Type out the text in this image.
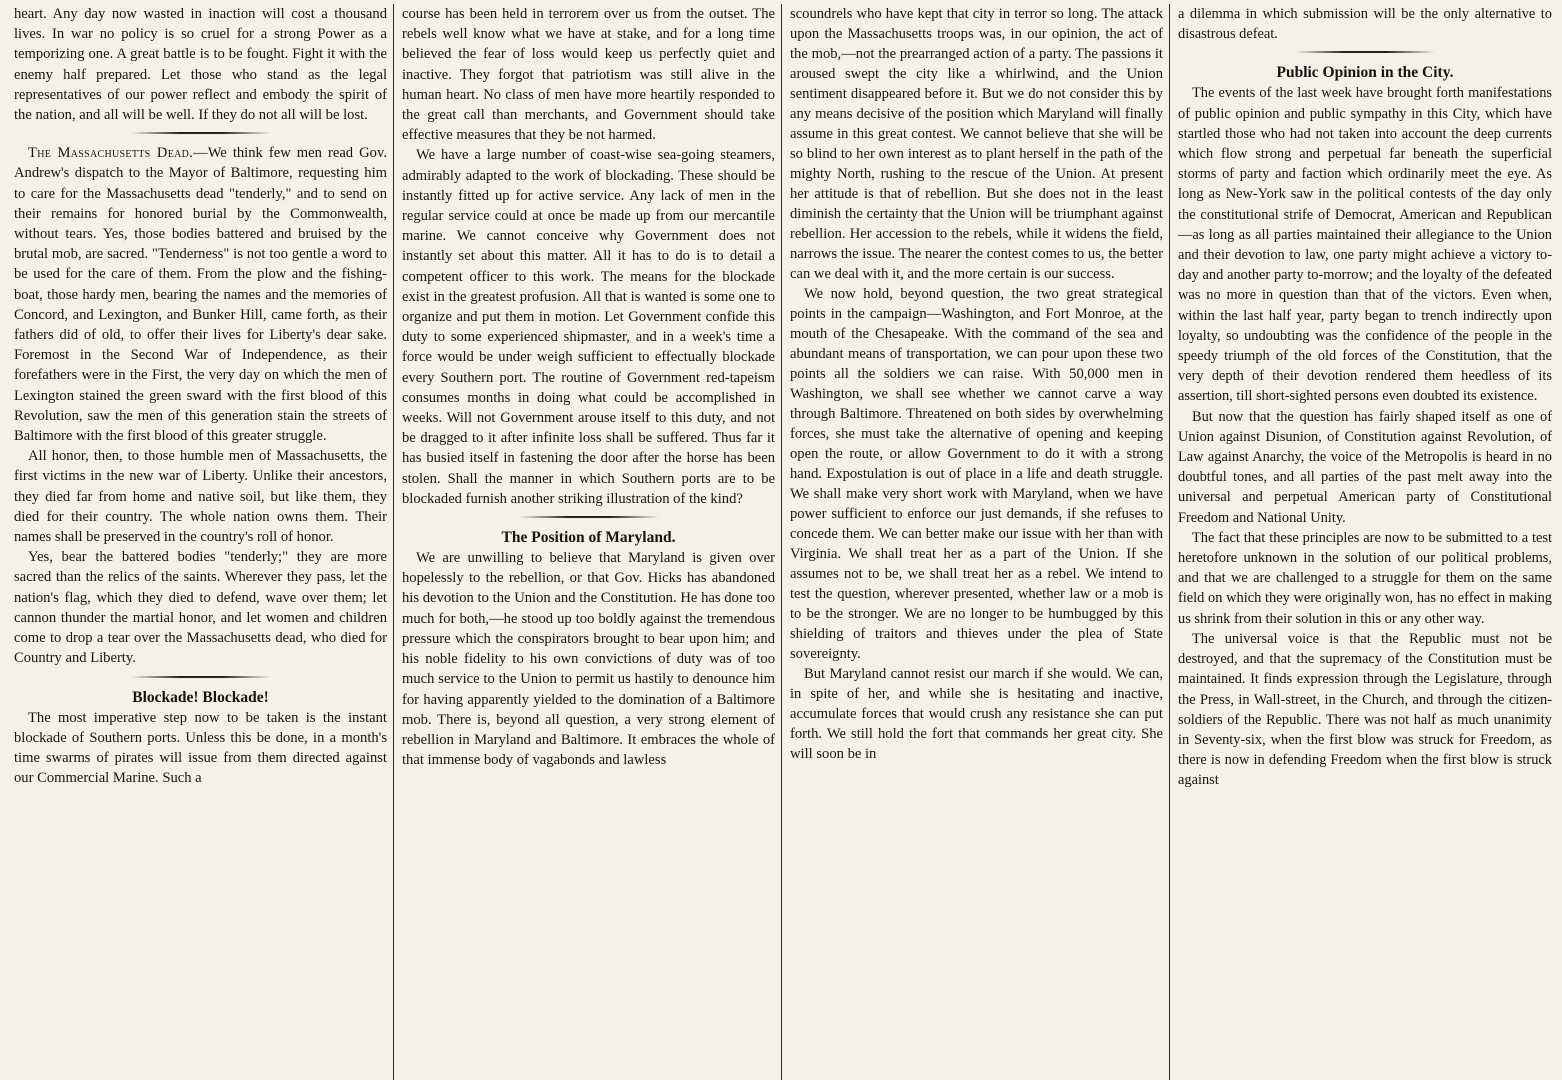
heart. Any day now wasted in inaction will cost a thousand lives. In war no policy is so cruel for a strong Power as a temporizing one. A great battle is to be fought. Fight it with the enemy half prepared. Let those who stand as the legal representatives of our power reflect and embody the spirit of the nation, and all will be well. If they do not all will be lost.

The Massachusetts Dead.—We think few men read Gov. Andrew's dispatch to the Mayor of Baltimore, requesting him to care for the Massachusetts dead "tenderly," and to send on their remains for honored burial by the Commonwealth, without tears. Yes, those bodies battered and bruised by the brutal mob, are sacred. "Tenderness" is not too gentle a word to be used for the care of them. From the plow and the fishing-boat, those hardy men, bearing the names and the memories of Concord, and Lexington, and Bunker Hill, came forth, as their fathers did of old, to offer their lives for Liberty's dear sake. Foremost in the Second War of Independence, as their forefathers were in the First, the very day on which the men of Lexington stained the green sward with the first blood of this Revolution, saw the men of this generation stain the streets of Baltimore with the first blood of this greater struggle.

All honor, then, to those humble men of Massachusetts, the first victims in the new war of Liberty. Unlike their ancestors, they died far from home and native soil, but like them, they died for their country. The whole nation owns them. Their names shall be preserved in the country's roll of honor.

Yes, bear the battered bodies "tenderly;" they are more sacred than the relics of the saints. Wherever they pass, let the nation's flag, which they died to defend, wave over them; let cannon thunder the martial honor, and let women and children come to drop a tear over the Massachusetts dead, who died for Country and Liberty.

Blockade! Blockade!

The most imperative step now to be taken is the instant blockade of Southern ports. Unless this be done, in a month's time swarms of pirates will issue from them directed against our Commercial Marine. Such a

course has been held in terrorem over us from the outset. The rebels well know what we have at stake, and for a long time believed the fear of loss would keep us perfectly quiet and inactive. They forgot that patriotism was still alive in the human heart. No class of men have more heartily responded to the great call than merchants, and Government should take effective measures that they be not harmed.

We have a large number of coast-wise sea-going steamers, admirably adapted to the work of blockading. These should be instantly fitted up for active service. Any lack of men in the regular service could at once be made up from our mercantile marine. We cannot conceive why Government does not instantly set about this matter. All it has to do is to detail a competent officer to this work. The means for the blockade exist in the greatest profusion. All that is wanted is some one to organize and put them in motion. Let Government confide this duty to some experienced shipmaster, and in a week's time a force would be under weigh sufficient to effectually blockade every Southern port. The routine of Government red-tapeism consumes months in doing what could be accomplished in weeks. Will not Government arouse itself to this duty, and not be dragged to it after infinite loss shall be suffered. Thus far it has busied itself in fastening the door after the horse has been stolen. Shall the manner in which Southern ports are to be blockaded furnish another striking illustration of the kind?

The Position of Maryland.

We are unwilling to believe that Maryland is given over hopelessly to the rebellion, or that Gov. Hicks has abandoned his devotion to the Union and the Constitution. He has done too much for both,—he stood up too boldly against the tremendous pressure which the conspirators brought to bear upon him; and his noble fidelity to his own convictions of duty was of too much service to the Union to permit us hastily to denounce him for having apparently yielded to the domination of a Baltimore mob. There is, beyond all question, a very strong element of rebellion in Maryland and Baltimore. It embraces the whole of that immense body of vagabonds and lawless

scoundrels who have kept that city in terror so long. The attack upon the Massachusetts troops was, in our opinion, the act of the mob,—not the prearranged action of a party. The passions it aroused swept the city like a whirlwind, and the Union sentiment disappeared before it. But we do not consider this by any means decisive of the position which Maryland will finally assume in this great contest. We cannot believe that she will be so blind to her own interest as to plant herself in the path of the mighty North, rushing to the rescue of the Union. At present her attitude is that of rebellion. But she does not in the least diminish the certainty that the Union will be triumphant against rebellion. Her accession to the rebels, while it widens the field, narrows the issue. The nearer the contest comes to us, the better can we deal with it, and the more certain is our success.

We now hold, beyond question, the two great strategical points in the campaign—Washington, and Fort Monroe, at the mouth of the Chesapeake. With the command of the sea and abundant means of transportation, we can pour upon these two points all the soldiers we can raise. With 50,000 men in Washington, we shall see whether we cannot carve a way through Baltimore. Threatened on both sides by overwhelming forces, she must take the alternative of opening and keeping open the route, or allow Government to do it with a strong hand. Expostulation is out of place in a life and death struggle. We shall make very short work with Maryland, when we have power sufficient to enforce our just demands, if she refuses to concede them. We can better make our issue with her than with Virginia. We shall treat her as a part of the Union. If she assumes not to be, we shall treat her as a rebel. We intend to test the question, wherever presented, whether law or a mob is to be the stronger. We are no longer to be humbugged by this shielding of traitors and thieves under the plea of State sovereignty.

But Maryland cannot resist our march if she would. We can, in spite of her, and while she is hesitating and inactive, accumulate forces that would crush any resistance she can put forth. We still hold the fort that commands her great city. She will soon be in

a dilemma in which submission will be the only alternative to disastrous defeat.

Public Opinion in the City.

The events of the last week have brought forth manifestations of public opinion and public sympathy in this City, which have startled those who had not taken into account the deep currents which flow strong and perpetual far beneath the superficial storms of party and faction which ordinarily meet the eye. As long as New-York saw in the political contests of the day only the constitutional strife of Democrat, American and Republican—as long as all parties maintained their allegiance to the Union and their devotion to law, one party might achieve a victory to-day and another party to-morrow; and the loyalty of the defeated was no more in question than that of the victors. Even when, within the last half year, party began to trench indirectly upon loyalty, so undoubting was the confidence of the people in the speedy triumph of the old forces of the Constitution, that the very depth of their devotion rendered them heedless of its assertion, till short-sighted persons even doubted its existence.

But now that the question has fairly shaped itself as one of Union against Disunion, of Constitution against Revolution, of Law against Anarchy, the voice of the Metropolis is heard in no doubtful tones, and all parties of the past melt away into the universal and perpetual American party of Constitutional Freedom and National Unity.

The fact that these principles are now to be submitted to a test heretofore unknown in the solution of our political problems, and that we are challenged to a struggle for them on the same field on which they were originally won, has no effect in making us shrink from their solution in this or any other way.

The universal voice is that the Republic must not be destroyed, and that the supremacy of the Constitution must be maintained. It finds expression through the Legislature, through the Press, in Wall-street, in the Church, and through the citizen-soldiers of the Republic. There was not half as much unanimity in Seventy-six, when the first blow was struck for Freedom, as there is now in defending Freedom when the first blow is struck against
